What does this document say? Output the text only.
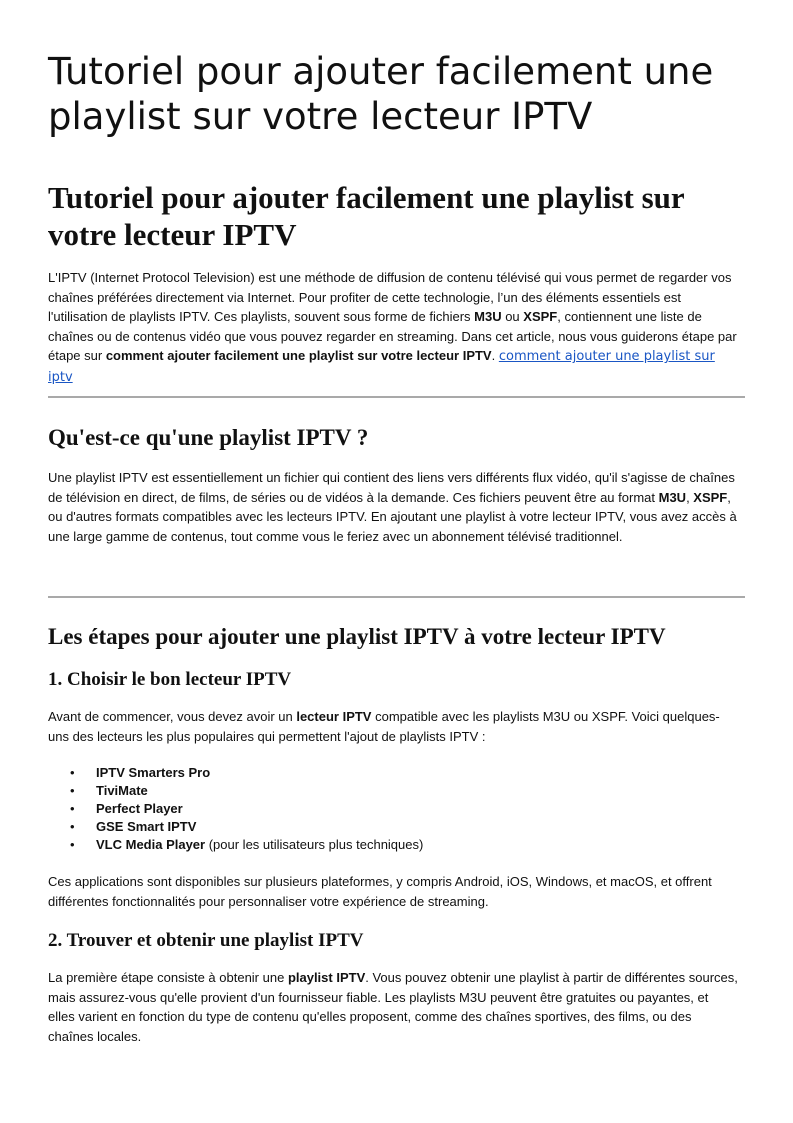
Tutoriel pour ajouter facilement une playlist sur votre lecteur IPTV
Tutoriel pour ajouter facilement une playlist sur votre lecteur IPTV

L'IPTV (Internet Protocol Television) est une méthode de diffusion de contenu télévisé qui vous permet de regarder vos chaînes préférées directement via Internet. Pour profiter de cette technologie, l’un des éléments essentiels est l'utilisation de playlists IPTV. Ces playlists, souvent sous forme de fichiers M3U ou XSPF, contiennent une liste de chaînes ou de contenus vidéo que vous pouvez regarder en streaming. Dans cet article, nous vous guiderons étape par étape sur comment ajouter facilement une playlist sur votre lecteur IPTV. comment ajouter une playlist sur iptv

Qu'est-ce qu'une playlist IPTV ?

Une playlist IPTV est essentiellement un fichier qui contient des liens vers différents flux vidéo, qu'il s'agisse de chaînes de télévision en direct, de films, de séries ou de vidéos à la demande. Ces fichiers peuvent être au format M3U, XSPF, ou d'autres formats compatibles avec les lecteurs IPTV. En ajoutant une playlist à votre lecteur IPTV, vous avez accès à une large gamme de contenus, tout comme vous le feriez avec un abonnement télévisé traditionnel.

Les étapes pour ajouter une playlist IPTV à votre lecteur IPTV
1. Choisir le bon lecteur IPTV

Avant de commencer, vous devez avoir un lecteur IPTV compatible avec les playlists M3U ou XSPF. Voici quelques-uns des lecteurs les plus populaires qui permettent l'ajout de playlists IPTV :

• IPTV Smarters Pro
• TiviMate
• Perfect Player
• GSE Smart IPTV
• VLC Media Player (pour les utilisateurs plus techniques)

Ces applications sont disponibles sur plusieurs plateformes, y compris Android, iOS, Windows, et macOS, et offrent différentes fonctionnalités pour personnaliser votre expérience de streaming.

2. Trouver et obtenir une playlist IPTV

La première étape consiste à obtenir une playlist IPTV. Vous pouvez obtenir une playlist à partir de différentes sources, mais assurez-vous qu'elle provient d'un fournisseur fiable. Les playlists M3U peuvent être gratuites ou payantes, et elles varient en fonction du type de contenu qu'elles proposent, comme des chaînes sportives, des films, ou des chaînes locales.
